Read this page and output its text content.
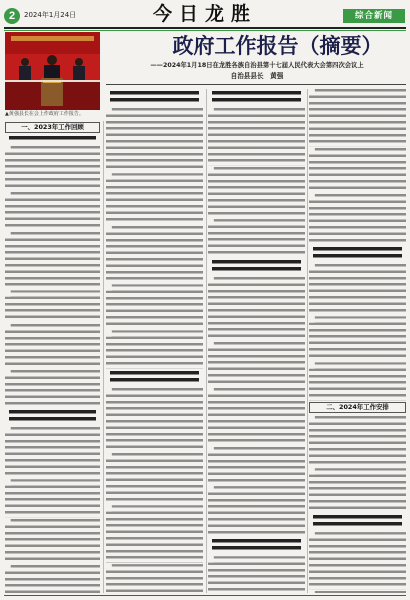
2	2024年1月24日	今日龙胜	综合新闻
▲黄强县长在会上作政府工作报告。
政府工作报告（摘要）
——2024年1月18日在龙胜各族自治县第十七届人民代表大会第四次会议上
自治县县长　黄强
一、2023年工作回顾
二、2024年工作安排
